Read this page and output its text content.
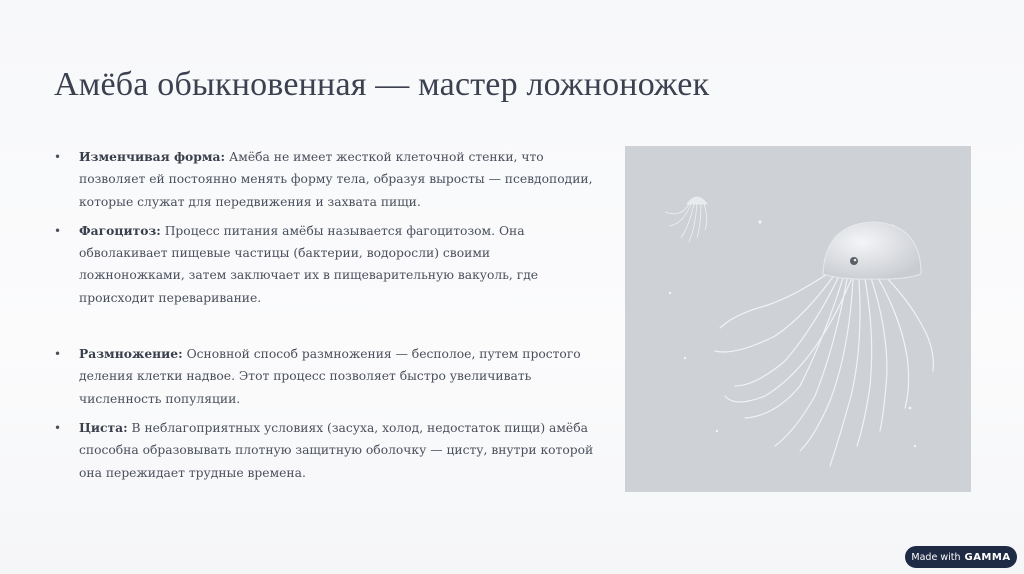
Амёба обыкновенная — мастер ложноножек
• Изменчивая форма: Амёба не имеет жесткой клеточной стенки, что позволяет ей постоянно менять форму тела, образуя выросты — псевдоподии, которые служат для передвижения и захвата пищи.
• Фагоцитоз: Процесс питания амёбы называется фагоцитозом. Она обволакивает пищевые частицы (бактерии, водоросли) своими ложноножками, затем заключает их в пищеварительную вакуоль, где происходит переваривание.
• Размножение: Основной способ размножения — бесполое, путем простого деления клетки надвое. Этот процесс позволяет быстро увеличивать численность популяции.
• Циста: В неблагоприятных условиях (засуха, холод, недостаток пищи) амёба способна образовывать плотную защитную оболочку — цисту, внутри которой она пережидает трудные времена.
Made with GAMMA
